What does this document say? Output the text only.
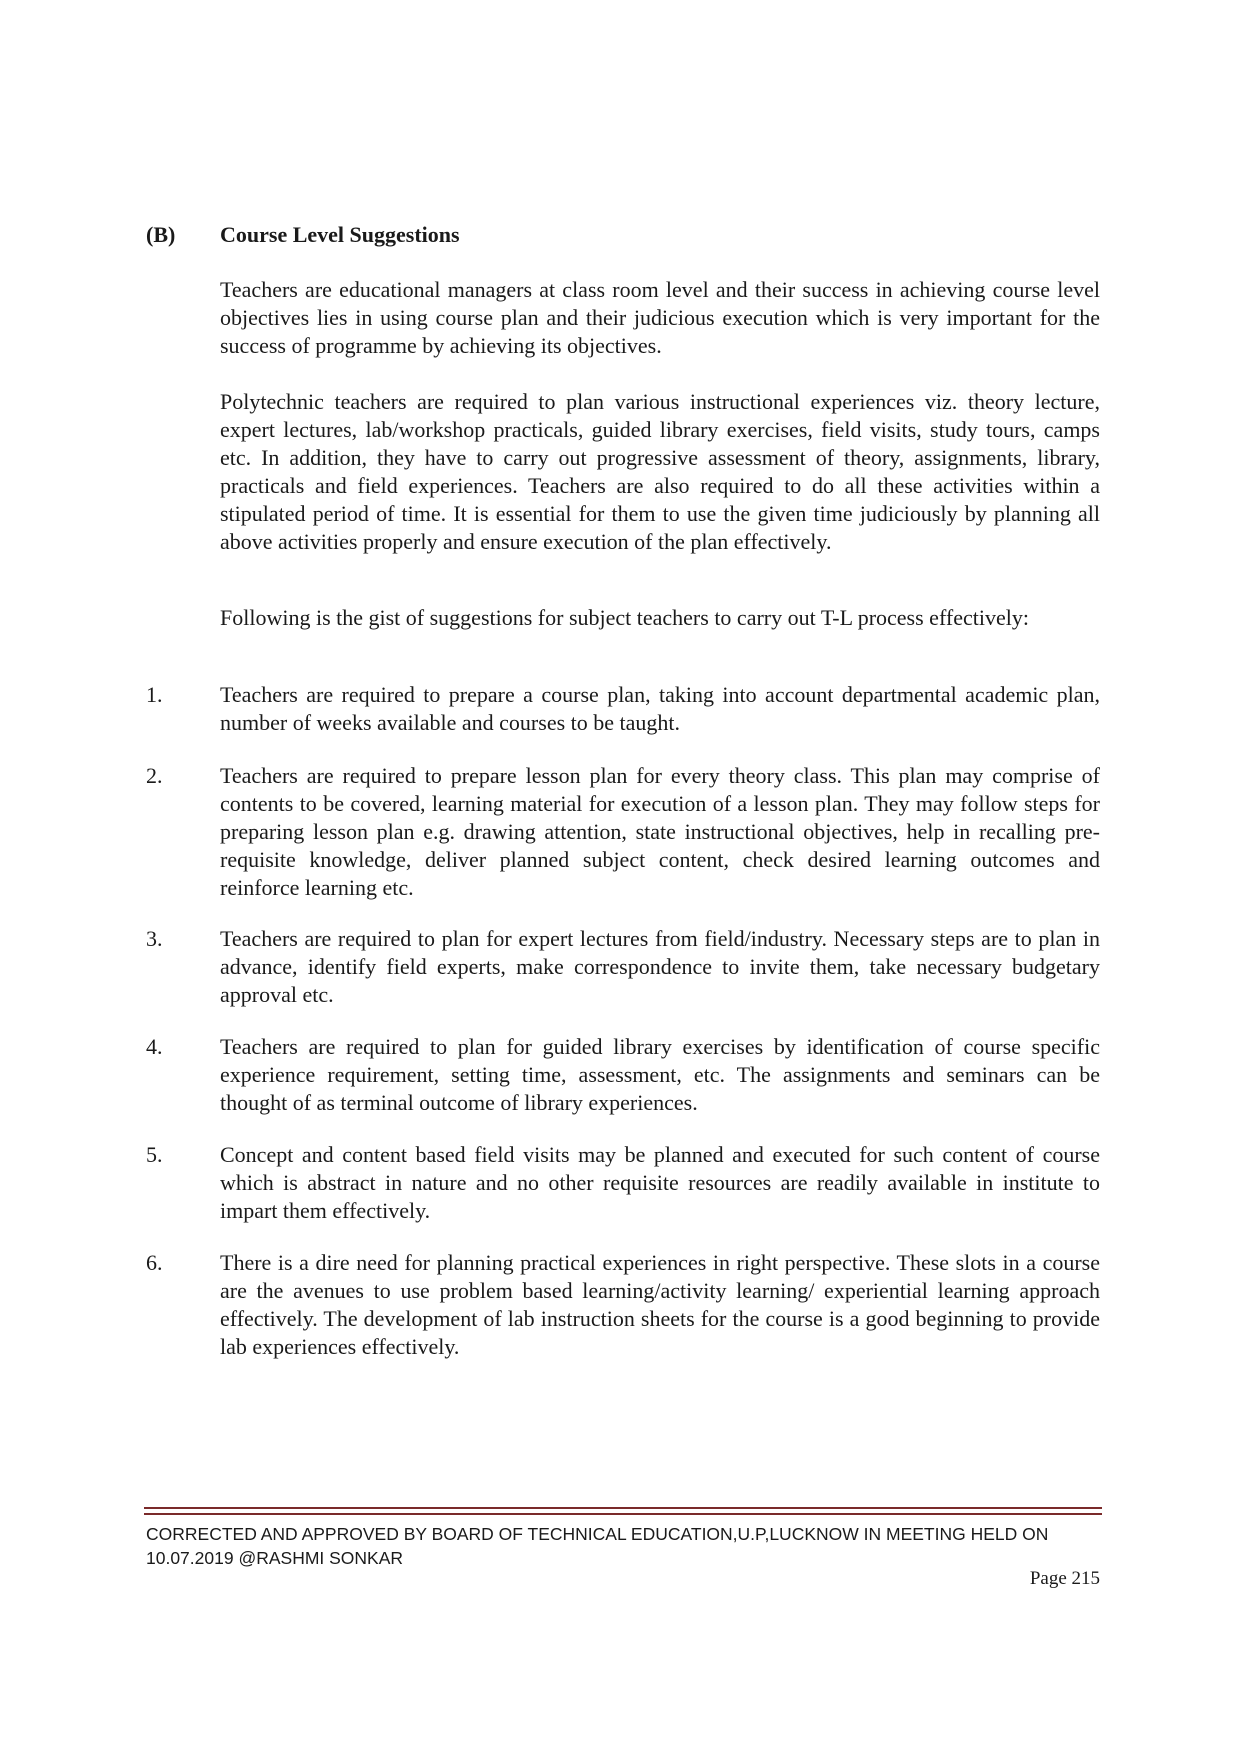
(B) Course Level Suggestions

Teachers are educational managers at class room level and their success in achieving course level objectives lies in using course plan and their judicious execution which is very important for the success of programme by achieving its objectives.

Polytechnic teachers are required to plan various instructional experiences viz. theory lecture, expert lectures, lab/workshop practicals, guided library exercises, field visits, study tours, camps etc. In addition, they have to carry out progressive assessment of theory, assignments, library, practicals and field experiences. Teachers are also required to do all these activities within a stipulated period of time. It is essential for them to use the given time judiciously by planning all above activities properly and ensure execution of the plan effectively.

Following is the gist of suggestions for subject teachers to carry out T-L process effectively:

1.	Teachers are required to prepare a course plan, taking into account departmental academic plan, number of weeks available and courses to be taught.

2.	Teachers are required to prepare lesson plan for every theory class. This plan may comprise of contents to be covered, learning material for execution of a lesson plan. They may follow steps for preparing lesson plan e.g. drawing attention, state instructional objectives, help in recalling pre-requisite knowledge, deliver planned subject content, check desired learning outcomes and reinforce learning etc.

3.	Teachers are required to plan for expert lectures from field/industry. Necessary steps are to plan in advance, identify field experts, make correspondence to invite them, take necessary budgetary approval etc.

4.	Teachers are required to plan for guided library exercises by identification of course specific experience requirement, setting time, assessment, etc. The assignments and seminars can be thought of as terminal outcome of library experiences.

5.	Concept and content based field visits may be planned and executed for such content of course which is abstract in nature and no other requisite resources are readily available in institute to impart them effectively.

6.	There is a dire need for planning practical experiences in right perspective. These slots in a course are the avenues to use problem based learning/activity learning/ experiential learning approach effectively. The development of lab instruction sheets for the course is a good beginning to provide lab experiences effectively.

CORRECTED AND APPROVED BY BOARD OF TECHNICAL EDUCATION,U.P,LUCKNOW IN MEETING HELD ON
10.07.2019 @RASHMI SONKAR
Page 215
